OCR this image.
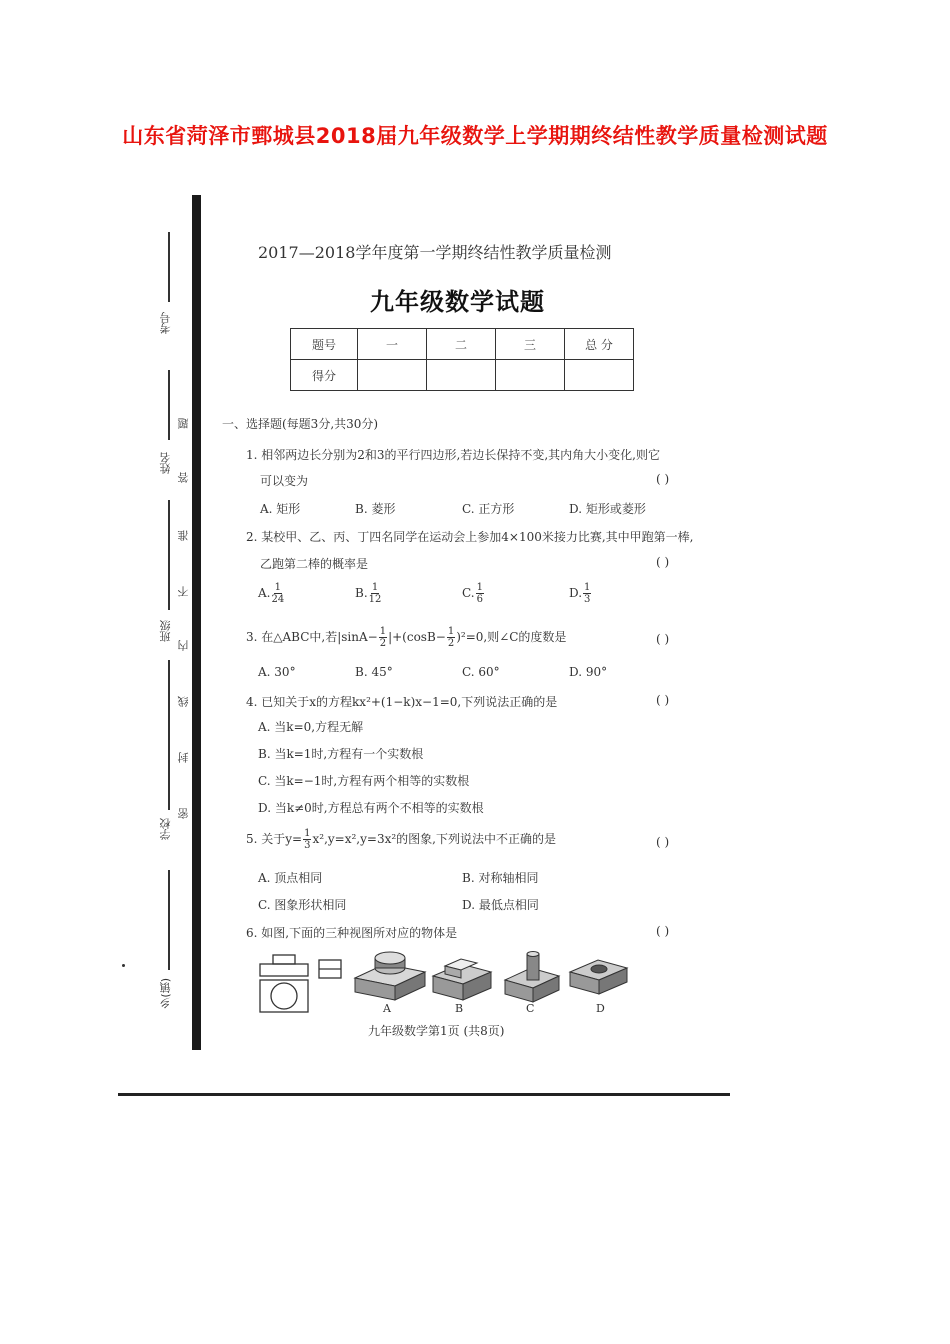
山东省菏泽市鄄城县2018届九年级数学上学期期终结性教学质量检测试题
考号
姓名
班级
学校
乡(镇)
题
答
准
不
内
线
封
密
2017—2018学年度第一学期终结性教学质量检测
九年级数学试题
题号	一	二	三	总 分
得分				
一、选择题(每题3分,共30分)
1. 相邻两边长分别为2和3的平行四边形,若边长保持不变,其内角大小变化,则它
可以变为	( )
A. 矩形	B. 菱形	C. 正方形	D. 矩形或菱形
2. 某校甲、乙、丙、丁四名同学在运动会上参加4×100米接力比赛,其中甲跑第一棒,
乙跑第二棒的概率是	( )
A. $\frac{1}{24}$	B. $\frac{1}{12}$	C. $\frac{1}{6}$	D. $\frac{1}{3}$
3. 在△ABC中,若$|\sin A- \frac{1}{2} |+(\cos B- \frac{1}{2} )^2=0$,则∠C的度数是	( )
A. 30°	B. 45°	C. 60°	D. 90°
4. 已知关于x的方程kx²+(1−k)x−1=0,下列说法正确的是	( )
A. 当k=0,方程无解
B. 当k=1时,方程有一个实数根
C. 当k=−1时,方程有两个相等的实数根
D. 当k≠0时,方程总有两个不相等的实数根
5. 关于$y= \frac{1}{3} x^2,y=x^2,y=3x^2$的图象,下列说法中不正确的是	( )
A. 顶点相同	B. 对称轴相同
C. 图象形状相同	D. 最低点相同
6. 如图,下面的三种视图所对应的物体是	( )
A	B	C	D
九年级数学第1页 (共8页)
